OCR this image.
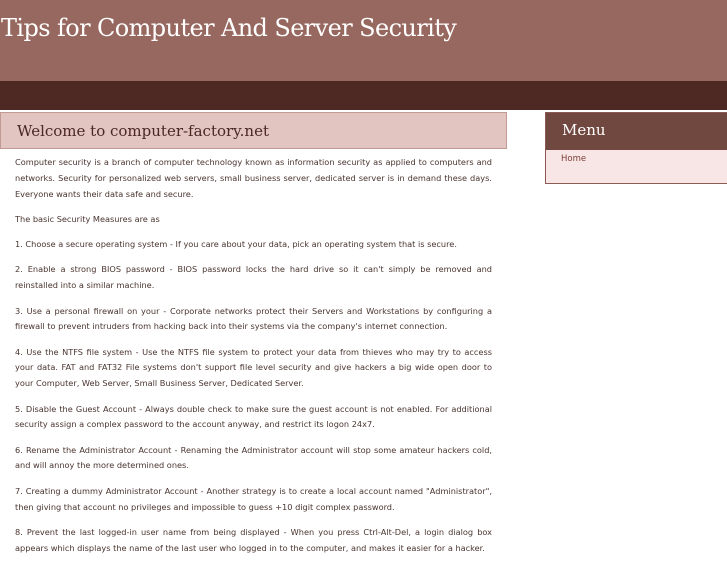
Tips for Computer And Server Security
Welcome to computer-factory.net

Computer security is a branch of computer technology known as information security as applied to computers and networks. Security for personalized web servers, small business server, dedicated server is in demand these days. Everyone wants their data safe and secure.

The basic Security Measures are as

1. Choose a secure operating system - If you care about your data, pick an operating system that is secure.

2. Enable a strong BIOS password - BIOS password locks the hard drive so it can't simply be removed and reinstalled into a similar machine.

3. Use a personal firewall on your - Corporate networks protect their Servers and Workstations by configuring a firewall to prevent intruders from hacking back into their systems via the company's internet connection.

4. Use the NTFS file system - Use the NTFS file system to protect your data from thieves who may try to access your data. FAT and FAT32 File systems don't support file level security and give hackers a big wide open door to your Computer, Web Server, Small Business Server, Dedicated Server.

5. Disable the Guest Account - Always double check to make sure the guest account is not enabled. For additional security assign a complex password to the account anyway, and restrict its logon 24x7.

6. Rename the Administrator Account - Renaming the Administrator account will stop some amateur hackers cold, and will annoy the more determined ones.

7. Creating a dummy Administrator Account - Another strategy is to create a local account named "Administrator", then giving that account no privileges and impossible to guess +10 digit complex password.

8. Prevent the last logged-in user name from being displayed - When you press Ctrl-Alt-Del, a login dialog box appears which displays the name of the last user who logged in to the computer, and makes it easier for a hacker.

Menu
Home
